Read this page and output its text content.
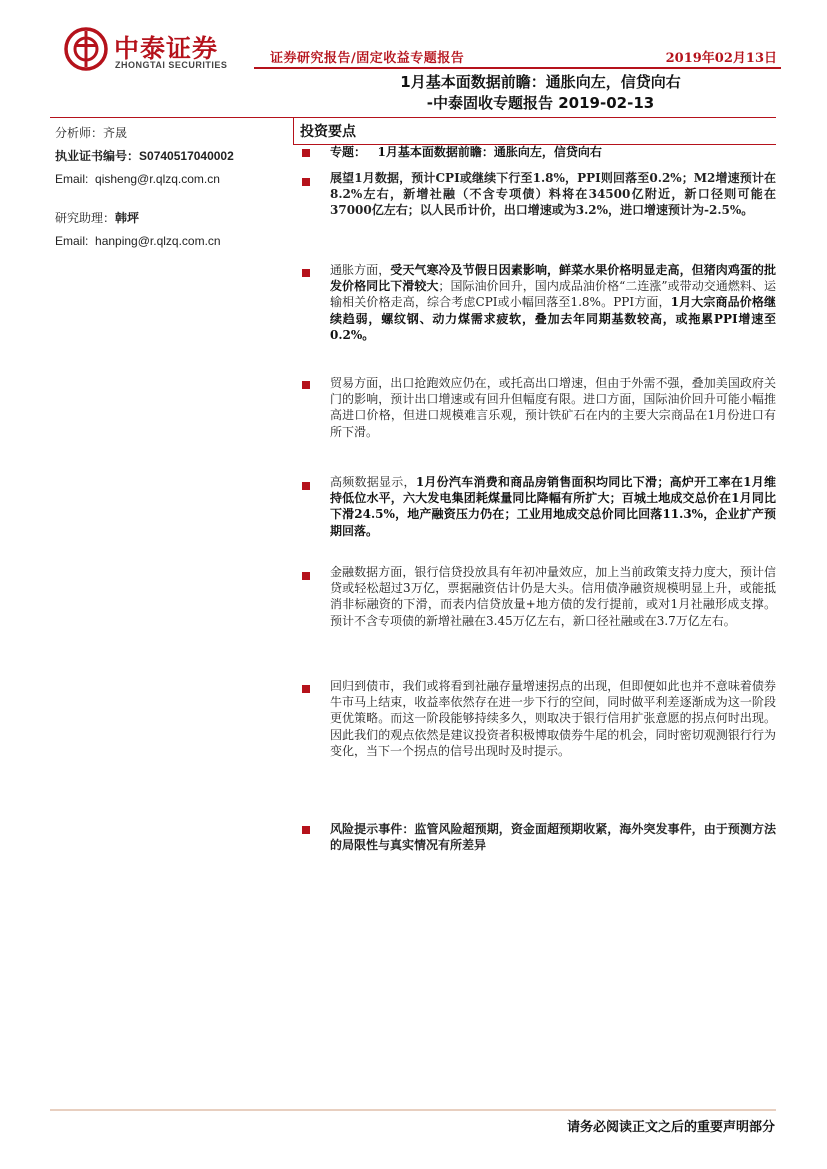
中泰证券
ZHONGTAI SECURITIES	证券研究报告/固定收益专题报告	2019年02月13日
1月基本面数据前瞻：通胀向左，信贷向右
-中泰固收专题报告 2019-02-13
分析师：齐晟
执业证书编号：S0740517040002
Email: qisheng@r.qlzq.com.cn
研究助理：韩坪
Email: hanping@r.qlzq.com.cn
投资要点
专题： 1月基本面数据前瞻：通胀向左，信贷向右
展望1月数据，预计CPI或继续下行至1.8%，PPI则回落至0.2%；M2增速预计在8.2%左右，新增社融（不含专项债）料将在34500亿附近，新口径则可能在37000亿左右；以人民币计价，出口增速或为3.2%，进口增速预计为-2.5%。
通胀方面，受天气寒冷及节假日因素影响，鲜菜水果价格明显走高，但猪肉鸡蛋的批发价格同比下滑较大；国际油价回升，国内成品油价格“二连涨”或带动交通燃料、运输相关价格走高，综合考虑CPI或小幅回落至1.8%。PPI方面，1月大宗商品价格继续趋弱，螺纹钢、动力煤需求疲软，叠加去年同期基数较高，或拖累PPI增速至0.2%。
贸易方面，出口抢跑效应仍在，或托高出口增速，但由于外需不强，叠加美国政府关门的影响，预计出口增速或有回升但幅度有限。进口方面，国际油价回升可能小幅推高进口价格，但进口规模难言乐观，预计铁矿石在内的主要大宗商品在1月份进口有所下滑。
高频数据显示，1月份汽车消费和商品房销售面积均同比下滑；高炉开工率在1月维持低位水平，六大发电集团耗煤量同比降幅有所扩大；百城土地成交总价在1月同比下滑24.5%，地产融资压力仍在；工业用地成交总价同比回落11.3%，企业扩产预期回落。
金融数据方面，银行信贷投放具有年初冲量效应，加上当前政策支持力度大，预计信贷或轻松超过3万亿，票据融资估计仍是大头。信用债净融资规模明显上升，或能抵消非标融资的下滑，而表内信贷放量+地方债的发行提前，或对1月社融形成支撑。预计不含专项债的新增社融在3.45万亿左右，新口径社融或在3.7万亿左右。
回归到债市，我们或将看到社融存量增速拐点的出现，但即便如此也并不意味着债券牛市马上结束，收益率依然存在进一步下行的空间，同时做平利差逐渐成为这一阶段更优策略。而这一阶段能够持续多久，则取决于银行信用扩张意愿的拐点何时出现。因此我们的观点依然是建议投资者积极博取债券牛尾的机会，同时密切观测银行行为变化，当下一个拐点的信号出现时及时提示。
风险提示事件：监管风险超预期，资金面超预期收紧，海外突发事件，由于预测方法的局限性与真实情况有所差异
请务必阅读正文之后的重要声明部分
